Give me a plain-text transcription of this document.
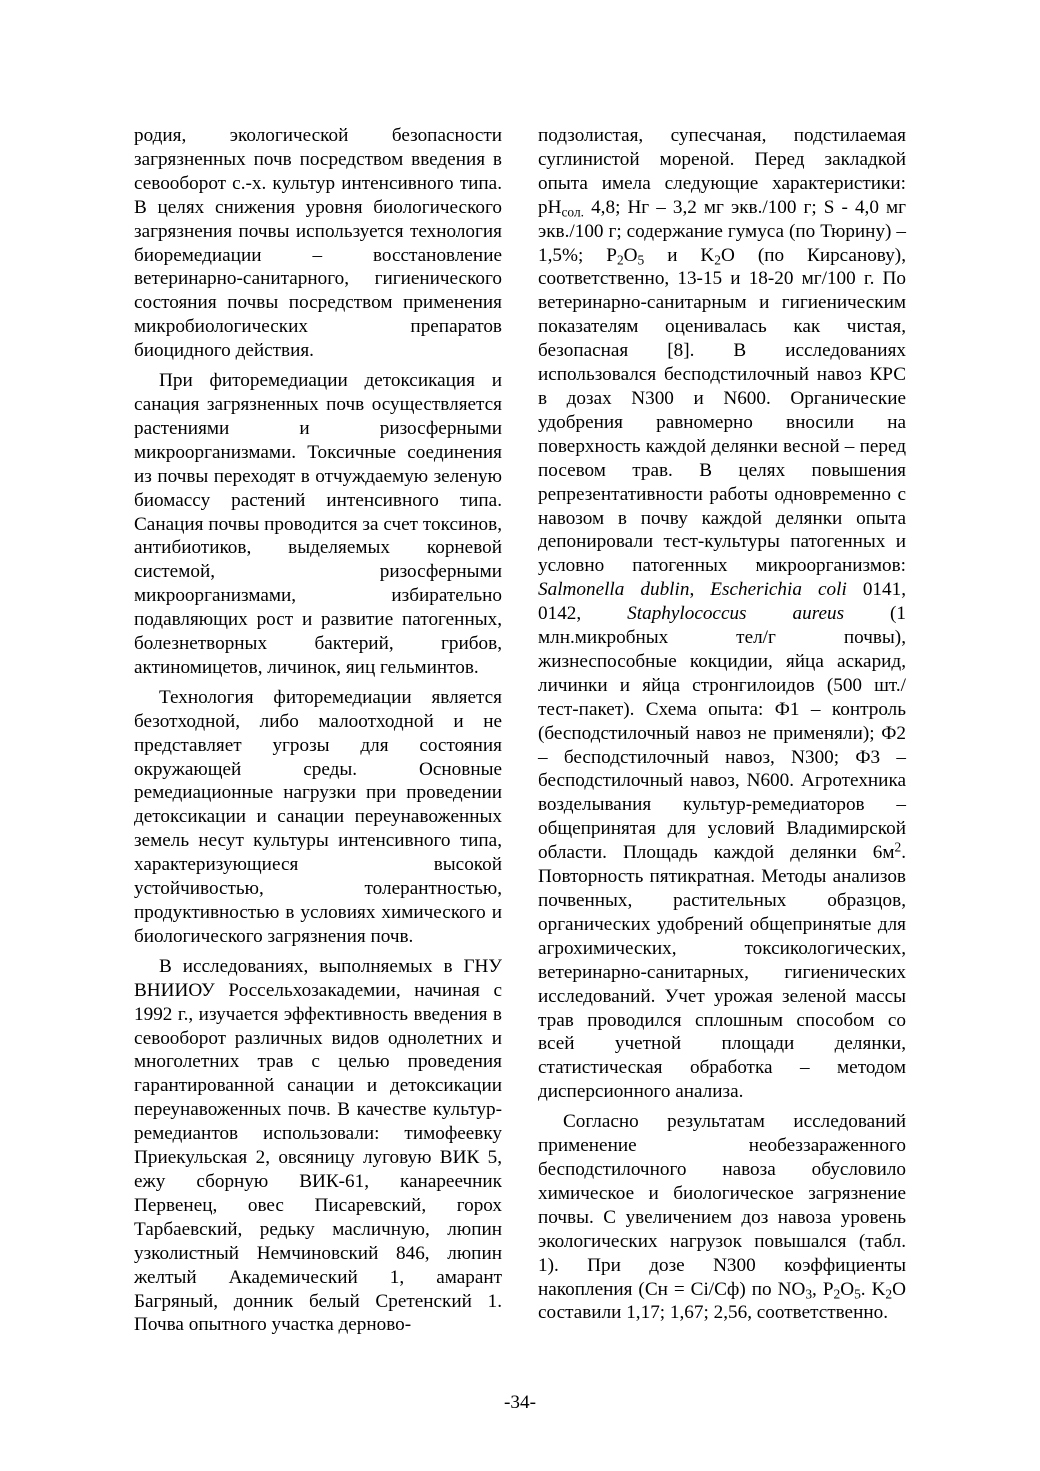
родия, экологической безопасности загрязненных почв посредством введения в севооборот с.-х. культур интенсивного типа. В целях снижения уровня биологического загрязнения почвы используется технология биоремедиации – восстановление ветеринарно-санитарного, гигиенического состояния почвы посредством применения микробиологических препаратов биоцидного действия.

При фиторемедиации детоксикация и санация загрязненных почв осуществляется растениями и ризосферными микроорганизмами. Токсичные соединения из почвы переходят в отчуждаемую зеленую биомассу растений интенсивного типа. Санация почвы проводится за счет токсинов, антибиотиков, выделяемых корневой системой, ризосферными микроорганизмами, избирательно подавляющих рост и развитие патогенных, болезнетворных бактерий, грибов, актиномицетов, личинок, яиц гельминтов.

Технология фиторемедиации является безотходной, либо малоотходной и не представляет угрозы для состояния окружающей среды. Основные ремедиационные нагрузки при проведении детоксикации и санации переунавоженных земель несут культуры интенсивного типа, характеризующиеся высокой устойчивостью, толерантностью, продуктивностью в условиях химического и биологического загрязнения почв.

В исследованиях, выполняемых в ГНУ ВНИИОУ Россельхозакадемии, начиная с 1992 г., изучается эффективность введения в севооборот различных видов однолетних и многолетних трав с целью проведения гарантированной санации и детоксикации переунавоженных почв. В качестве культур-ремедиантов использовали: тимофеевку Приекульская 2, овсяницу луговую ВИК 5, ежу сборную ВИК-61, канареечник Первенец, овес Писаревский, горох Тарбаевский, редьку масличную, люпин узколистный Немчиновский 846, люпин желтый Академический 1, амарант Багряный, донник белый Сретенский 1. Почва опытного участка дерново-

подзолистая, супесчаная, подстилаемая суглинистой мореной. Перед закладкой опыта имела следующие характеристики: $pH_{сол.}$ 4,8; Нг – 3,2 мг экв./100 г; S - 4,0 мг экв./100 г; содержание гумуса (по Тюрину) – 1,5%; $P_2O_5$ и $K_2O$ (по Кирсанову), соответственно, 13-15 и 18-20 мг/100 г. По ветеринарно-санитарным и гигиеническим показателям оценивалась как чистая, безопасная [8]. В исследованиях использовался бесподстилочный навоз КРС в дозах N300 и N600. Органические удобрения равномерно вносили на поверхность каждой делянки весной – перед посевом трав. В целях повышения репрезентативности работы одновременно с навозом в почву каждой делянки опыта депонировали тест-культуры патогенных и условно патогенных микроорганизмов: Salmonella dublin, Escherichia coli 0141, 0142, Staphylococcus aureus (1 млн.микробных тел/г почвы), жизнеспособные кокцидии, яйца аскарид, личинки и яйца стронгилоидов (500 шт./тест-пакет). Схема опыта: Ф1 – контроль (бесподстилочный навоз не применяли); Ф2 – бесподстилочный навоз, N300; Ф3 – бесподстилочный навоз, N600. Агротехника возделывания культур-ремедиаторов – общепринятая для условий Владимирской области. Площадь каждой делянки $6м^2$. Повторность пятикратная. Методы анализов почвенных, растительных образцов, органических удобрений общепринятые для агрохимических, токсикологических, ветеринарно-санитарных, гигиенических исследований. Учет урожая зеленой массы трав проводился сплошным способом со всей учетной площади делянки, статистическая обработка – методом дисперсионного анализа.

Согласно результатам исследований применение необеззараженного бесподстилочного навоза обусловило химическое и биологическое загрязнение почвы. С увеличением доз навоза уровень экологических нагрузок повышался (табл. 1). При дозе N300 коэффициенты накопления (Сн = Ci/Сф) по $NO_3$, $P_2O_5$. $K_2O$ составили 1,17; 1,67; 2,56, соответственно.

-34-
